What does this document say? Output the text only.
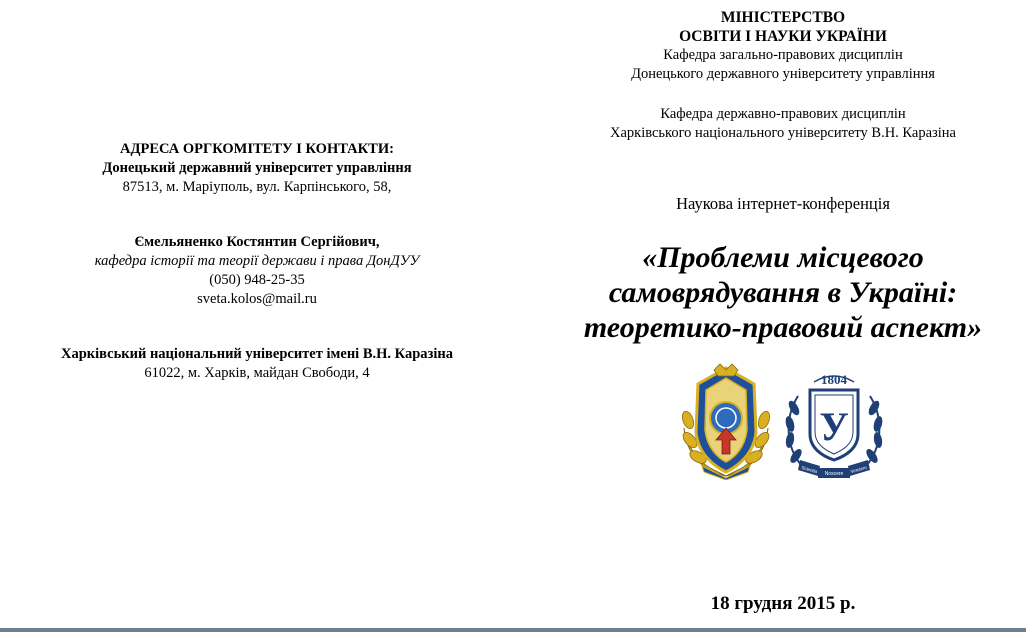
АДРЕСА ОРГКОМІТЕТУ І КОНТАКТИ:

Донецький державний університет управління

87513, м. Маріуполь, вул. Карпінського, 58,

Ємельяненко Костянтин Сергійович,

кафедра історії та теорії держави і права ДонДУУ

(050) 948-25-35

sveta.kolos@mail.ru

Харківський національний університет імені В.Н. Каразіна

61022, м. Харків, майдан Свободи, 4

МІНІСТЕРСТВО

ОСВІТИ І НАУКИ УКРАЇНИ

Кафедра загально-правових дисциплін

Донецького державного університету управління

Кафедра державно-правових дисциплін

Харківського національного університету В.Н. Каразіна

Наукова інтернет-конференція
«Проблеми місцевого
самоврядування в Україні:
теоретико-правовий аспект»
1804
У
Scientia Noscere Virtutem
18 грудня 2015 р.
